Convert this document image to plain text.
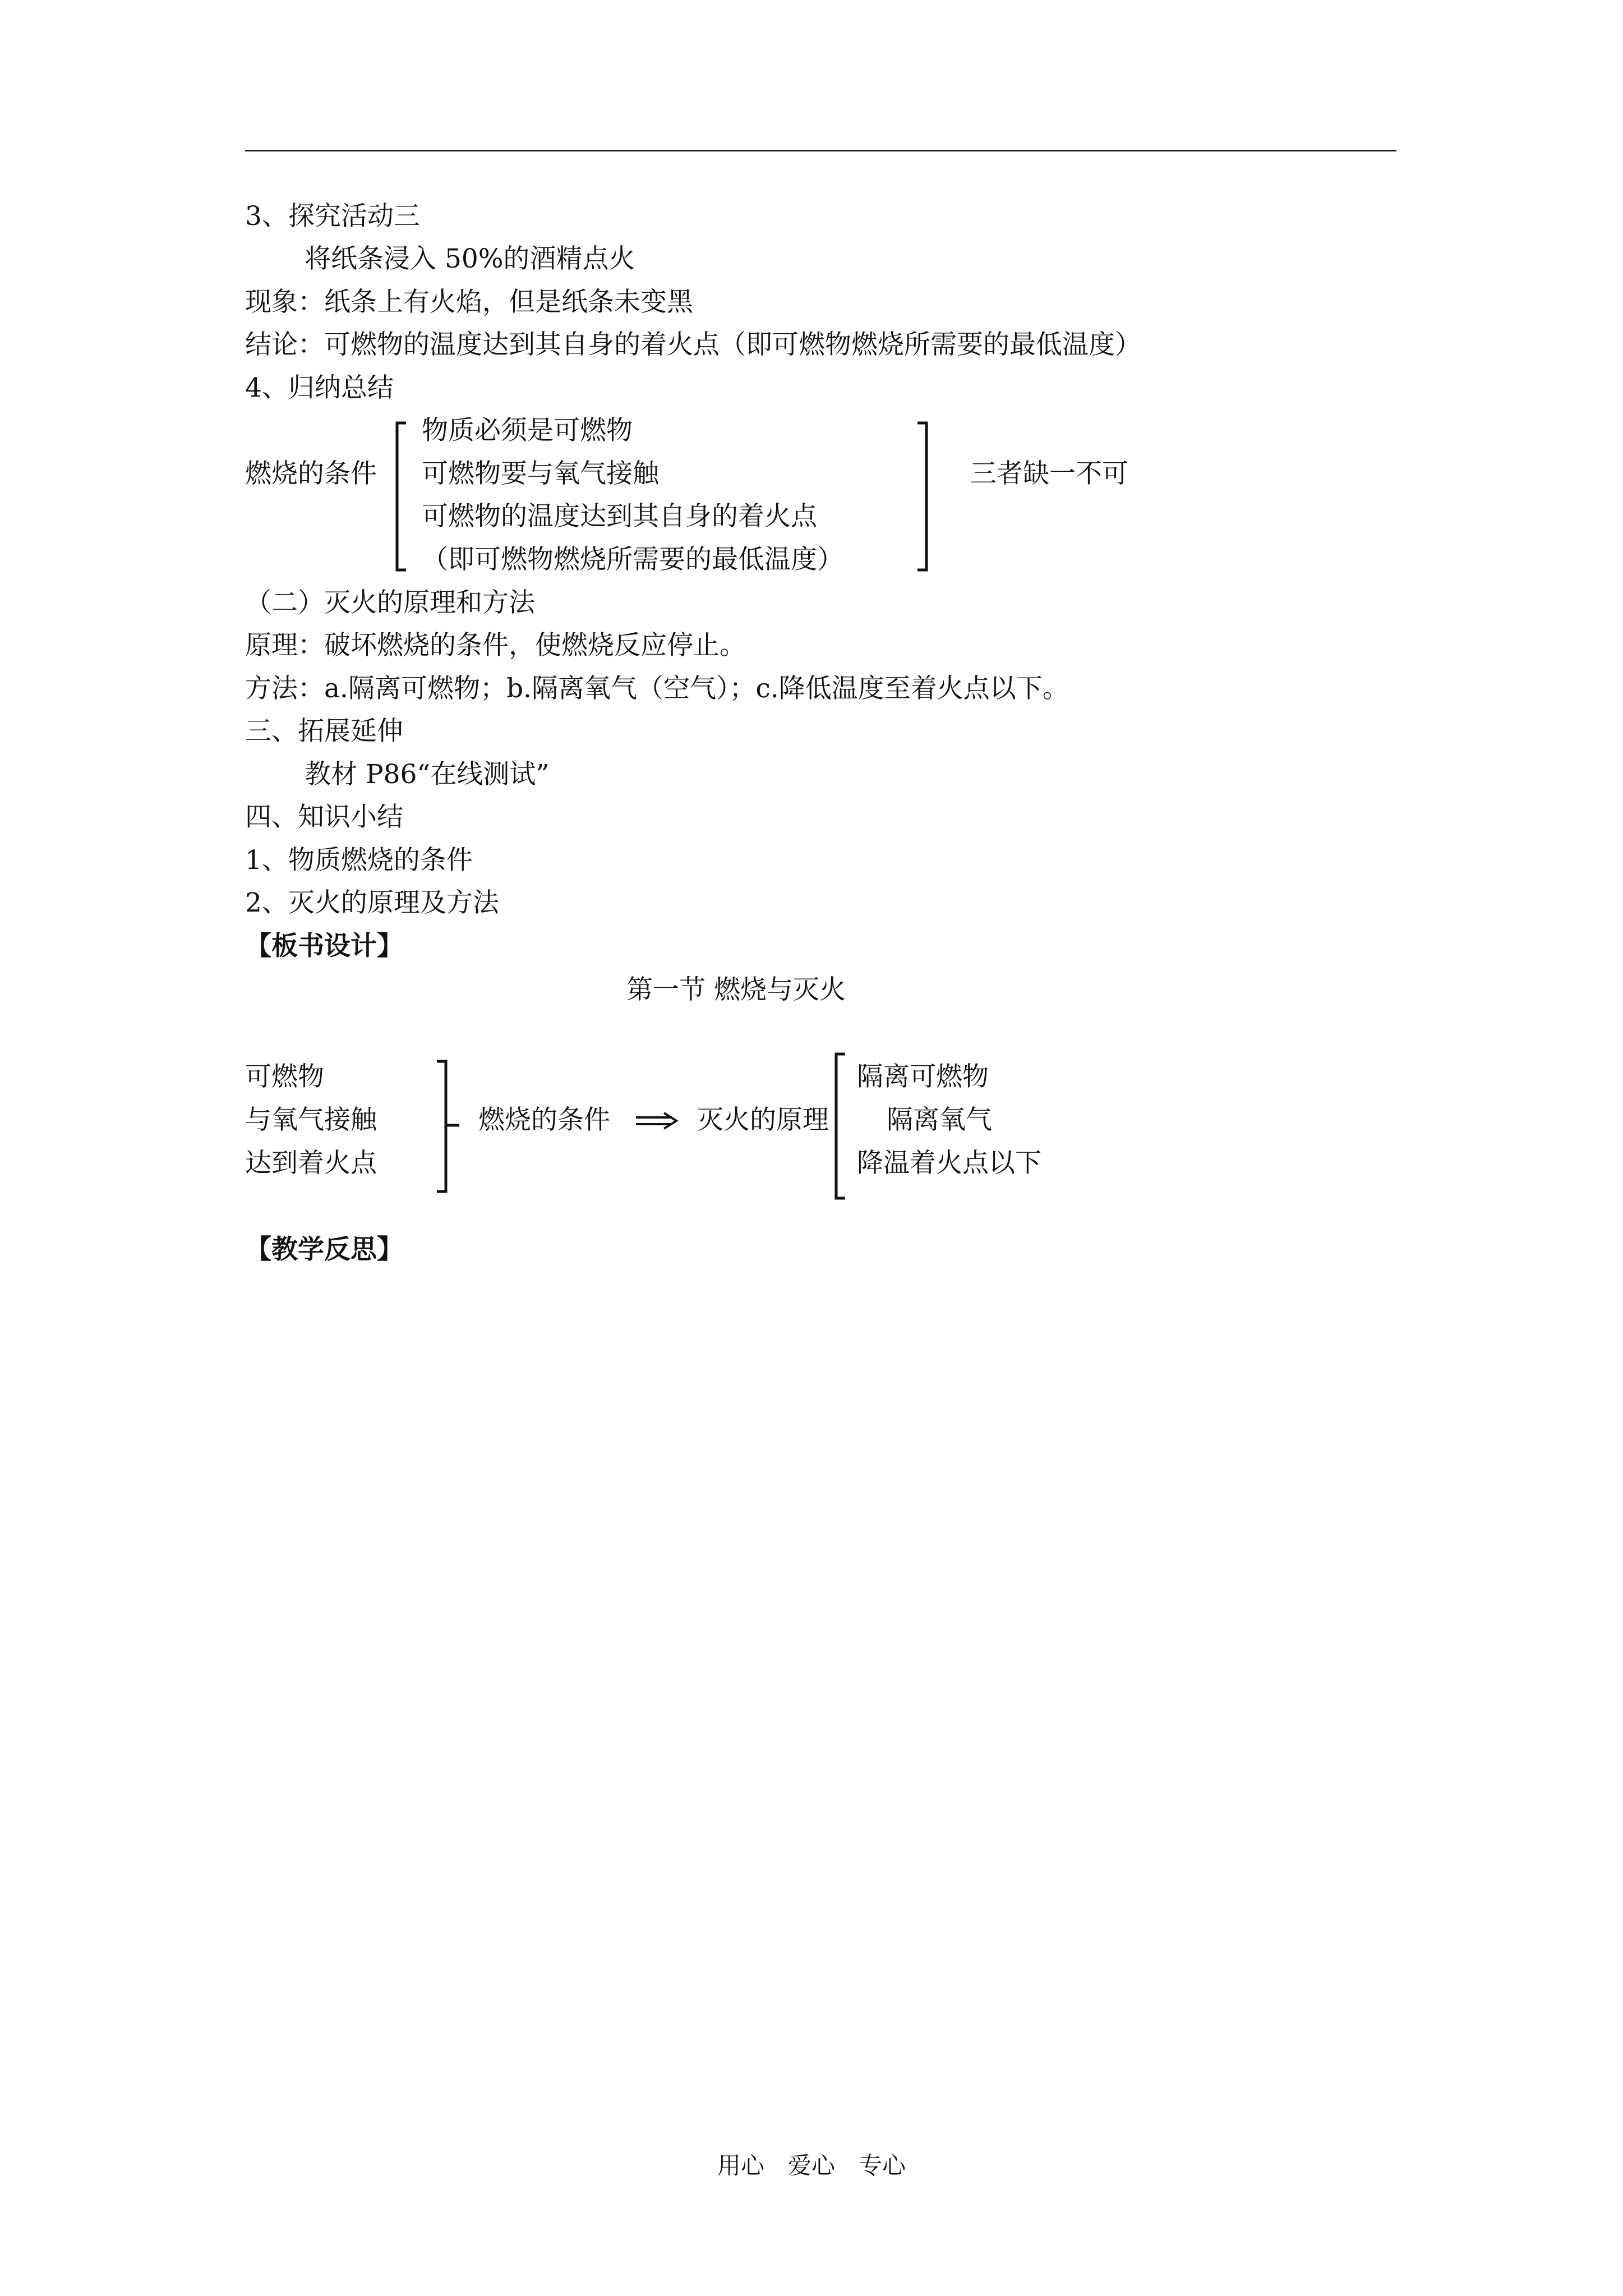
3、探究活动三
将纸条浸入 50%的酒精点火
现象：纸条上有火焰，但是纸条未变黑
结论：可燃物的温度达到其自身的着火点（即可燃物燃烧所需要的最低温度）
4、归纳总结
燃烧的条件
物质必须是可燃物
可燃物要与氧气接触
可燃物的温度达到其自身的着火点
（即可燃物燃烧所需要的最低温度）
三者缺一不可
（二）灭火的原理和方法
原理：破坏燃烧的条件，使燃烧反应停止。
方法：a.隔离可燃物；b.隔离氧气（空气）；c.降低温度至着火点以下。
三、拓展延伸
教材 P86“在线测试”
四、知识小结
1、物质燃烧的条件
2、灭火的原理及方法
【板书设计】
第一节 燃烧与灭火
可燃物
与氧气接触
达到着火点
燃烧的条件	灭火的原理
隔离可燃物
隔离氧气
降温着火点以下
【教学反思】
用心　爱心　专心
